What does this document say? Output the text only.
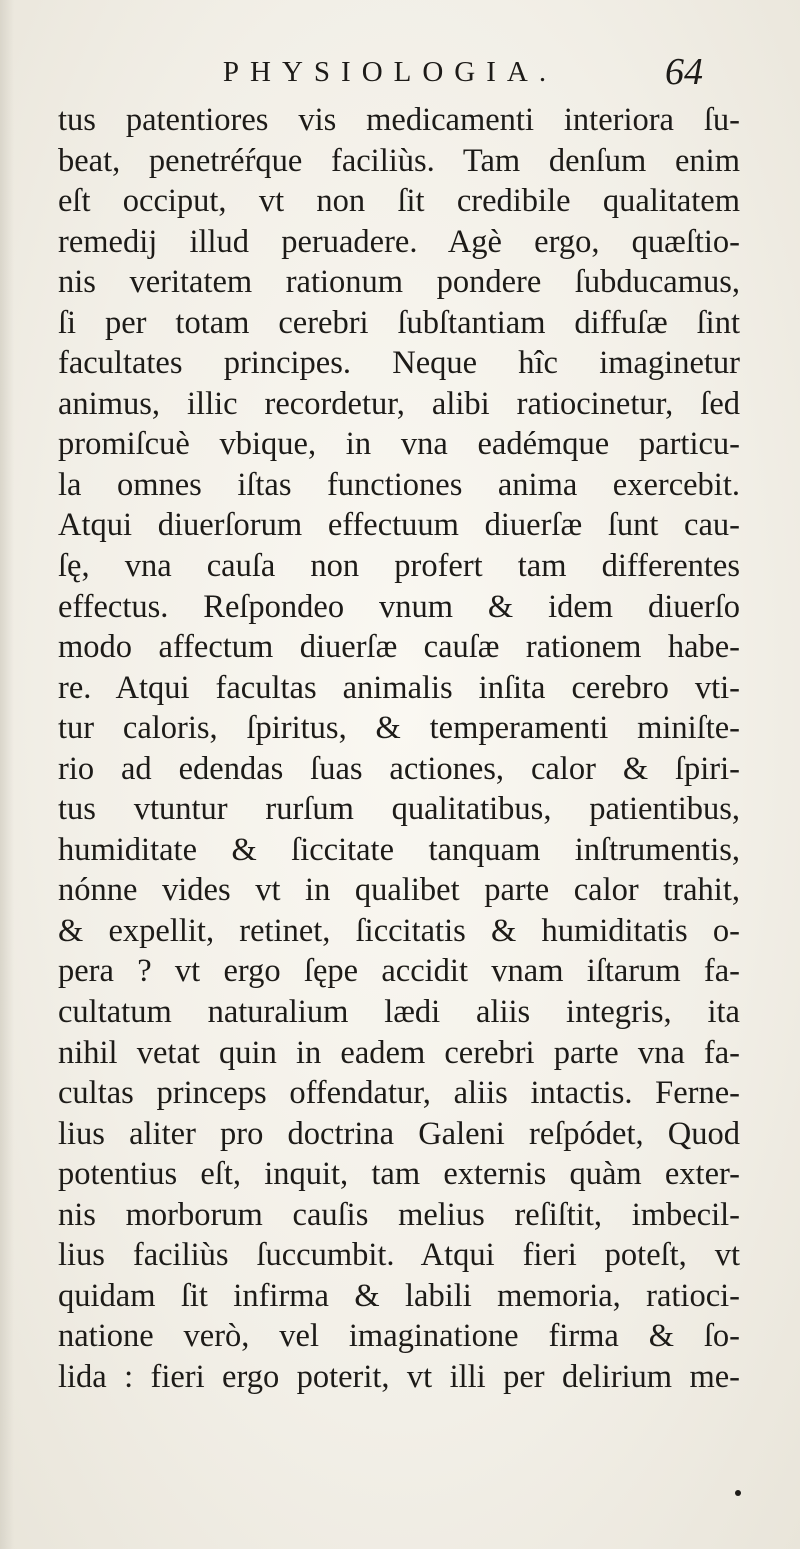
PHYSIOLOGIA.	64
tus patentiores vis medicamenti interiora ſu-
beat, penetréŕque faciliùs. Tam denſum enim
eſt occiput, vt non ſit credibile qualitatem
remedij illud peruadere. Agè ergo, quæſtio-
nis veritatem rationum pondere ſubducamus,
ſi per totam cerebri ſubſtantiam diffuſæ ſint
facultates principes. Neque hîc imaginetur
animus, illic recordetur, alibi ratiocinetur, ſed
promiſcuè vbique, in vna eadémque particu-
la omnes iſtas functiones anima exercebit.
Atqui diuerſorum effectuum diuerſæ ſunt cau-
ſę, vna cauſa non profert tam differentes
effectus. Reſpondeo vnum & idem diuerſo
modo affectum diuerſæ cauſæ rationem habe-
re. Atqui facultas animalis inſita cerebro vti-
tur caloris, ſpiritus, & temperamenti miniſte-
rio ad edendas ſuas actiones, calor & ſpiri-
tus vtuntur rurſum qualitatibus, patientibus,
humiditate & ſiccitate tanquam inſtrumentis,
nónne vides vt in qualibet parte calor trahit,
& expellit, retinet, ſiccitatis & humiditatis o-
pera ? vt ergo ſępe accidit vnam iſtarum fa-
cultatum naturalium lædi aliis integris, ita
nihil vetat quin in eadem cerebri parte vna fa-
cultas princeps offendatur, aliis intactis. Ferne-
lius aliter pro doctrina Galeni reſpódet, Quod
potentius eſt, inquit, tam externis quàm exter-
nis morborum cauſis melius reſiſtit, imbecil-
lius faciliùs ſuccumbit. Atqui fieri poteſt, vt
quidam ſit infirma & labili memoria, ratioci-
natione verò, vel imaginatione firma & ſo-
lida : fieri ergo poterit, vt illi per delirium me-
